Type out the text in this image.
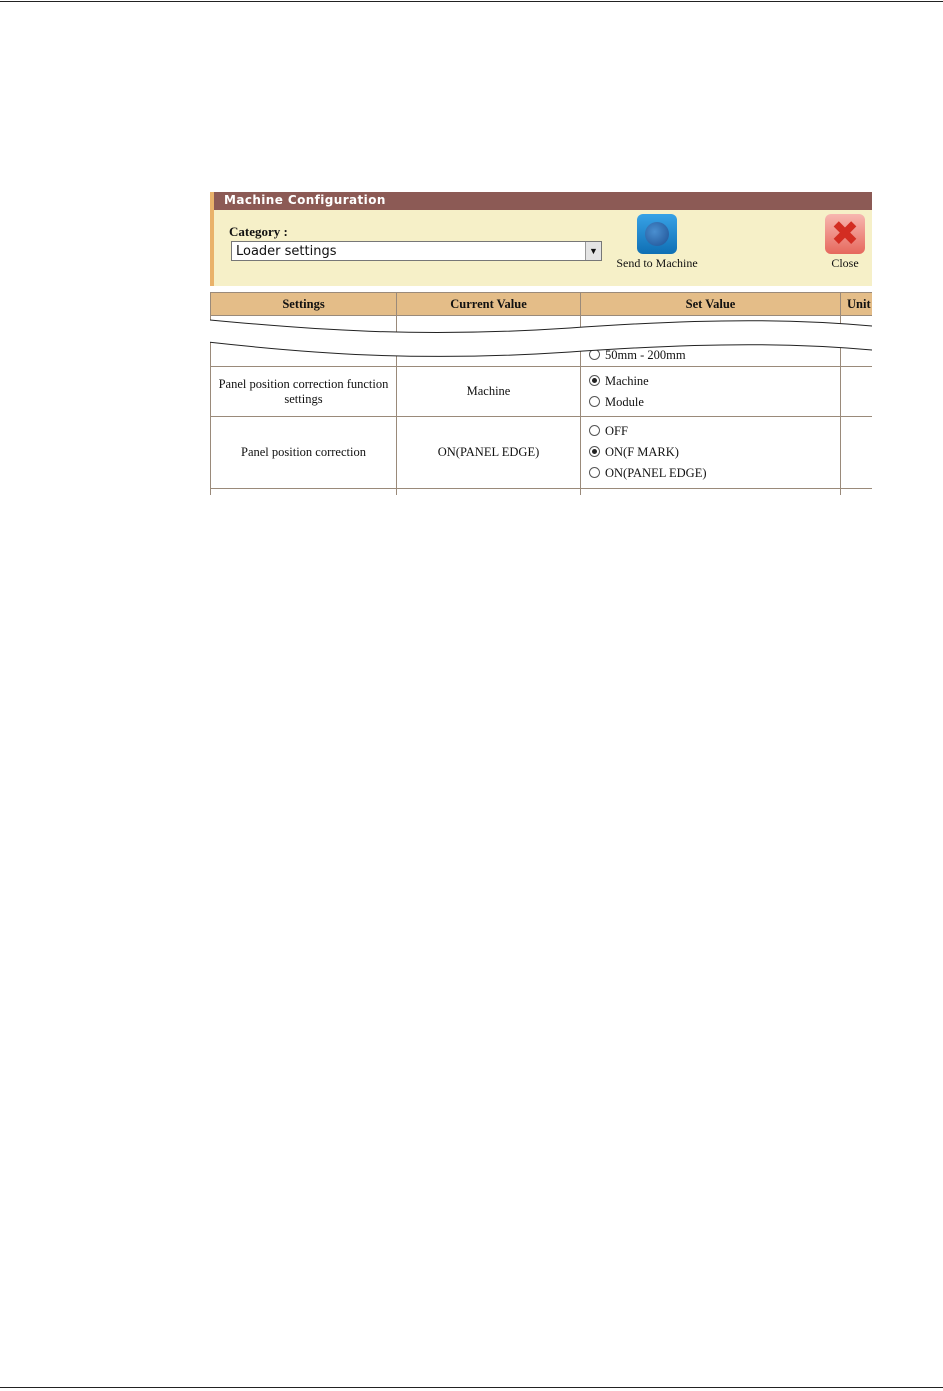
Machine Configuration
Category :
Loader settings	▼
Send to Machine
✖
Close
Settings	Current Value	Set Value	Unit

		50mm - 200mm	

Panel position correction function settings	Machine	Machine
Module	

Panel position correction	ON(PANEL EDGE)	OFF
ON(F MARK)
ON(PANEL EDGE)	
